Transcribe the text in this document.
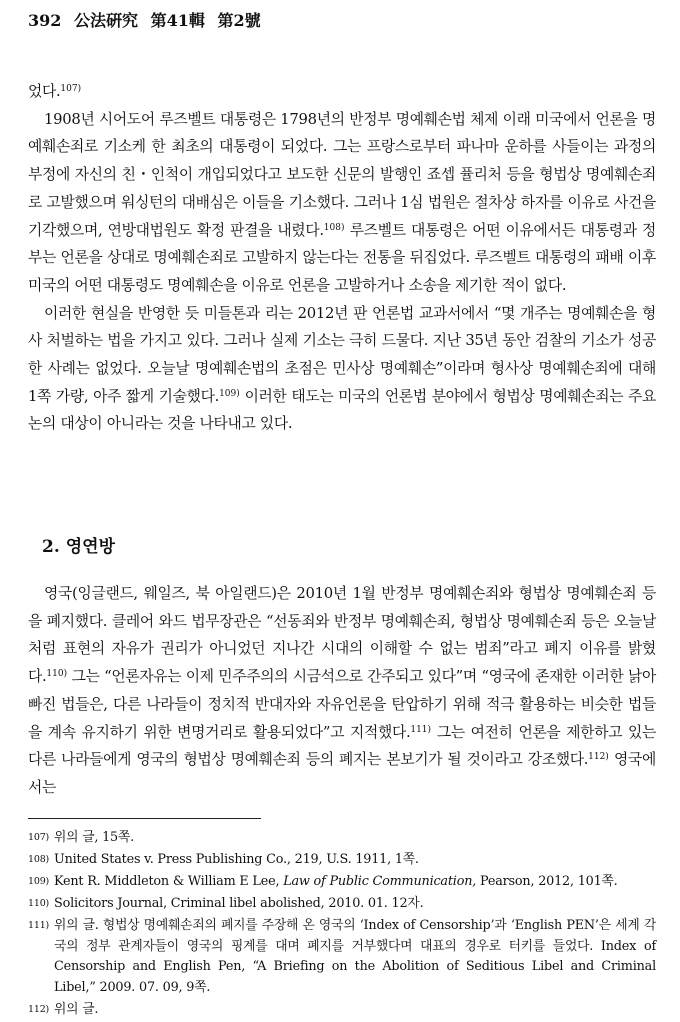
392 公法硏究 第41輯 第2號

었다.$^{107)}$

1908년 시어도어 루즈벨트 대통령은 1798년의 반정부 명예훼손법 체제 이래 미국에서 언론을 명예훼손죄로 기소케 한 최초의 대통령이 되었다. 그는 프랑스로부터 파나마 운하를 사들이는 과정의 부정에 자신의 친・인척이 개입되었다고 보도한 신문의 발행인 죠셉 퓰리처 등을 형법상 명예훼손죄로 고발했으며 워싱턴의 대배심은 이들을 기소했다. 그러나 1심 법원은 절차상 하자를 이유로 사건을 기각했으며, 연방대법원도 확정 판결을 내렸다.$^{108)}$ 루즈벨트 대통령은 어떤 이유에서든 대통령과 정부는 언론을 상대로 명예훼손죄로 고발하지 않는다는 전통을 뒤집었다. 루즈벨트 대통령의 패배 이후 미국의 어떤 대통령도 명예훼손을 이유로 언론을 고발하거나 소송을 제기한 적이 없다.

이러한 현실을 반영한 듯 미들톤과 리는 2012년 판 언론법 교과서에서 “몇 개주는 명예훼손을 형사 처벌하는 법을 가지고 있다. 그러나 실제 기소는 극히 드물다. 지난 35년 동안 검찰의 기소가 성공한 사례는 없었다. 오늘날 명예훼손법의 초점은 민사상 명예훼손”이라며 형사상 명예훼손죄에 대해 1쪽 가량, 아주 짧게 기술했다.$^{109)}$ 이러한 태도는 미국의 언론법 분야에서 형법상 명예훼손죄는 주요 논의 대상이 아니라는 것을 나타내고 있다.

2. 영연방

영국(잉글랜드, 웨일즈, 북 아일랜드)은 2010년 1월 반정부 명예훼손죄와 형법상 명예훼손죄 등을 폐지했다. 클레어 와드 법무장관은 “선동죄와 반정부 명예훼손죄, 형법상 명예훼손죄 등은 오늘날처럼 표현의 자유가 권리가 아니었던 지나간 시대의 이해할 수 없는 범죄”라고 폐지 이유를 밝혔다.$^{110)}$ 그는 “언론자유는 이제 민주주의의 시금석으로 간주되고 있다”며 “영국에 존재한 이러한 낡아빠진 법들은, 다른 나라들이 정치적 반대자와 자유언론을 탄압하기 위해 적극 활용하는 비슷한 법들을 계속 유지하기 위한 변명거리로 활용되었다”고 지적했다.$^{111)}$ 그는 여전히 언론을 제한하고 있는 다른 나라들에게 영국의 형법상 명예훼손죄 등의 폐지는 본보기가 될 것이라고 강조했다.$^{112)}$ 영국에서는

107) 위의 글, 15쪽.
108) United States v. Press Publishing Co., 219, U.S. 1911, 1쪽.
109) Kent R. Middleton & William E Lee, Law of Public Communication, Pearson, 2012, 101쪽.
110) Solicitors Journal, Criminal libel abolished, 2010. 01. 12자.
111) 위의 글. 형법상 명예훼손죄의 폐지를 주장해 온 영국의 ‘Index of Censorship’과 ‘English PEN’은 세계 각국의 정부 관계자들이 영국의 핑계를 대며 폐지를 거부했다며 대표의 경우로 터키를 들었다. Index of Censorship and English Pen, “A Briefing on the Abolition of Seditious Libel and Criminal Libel,” 2009. 07. 09, 9쪽.
112) 위의 글.
